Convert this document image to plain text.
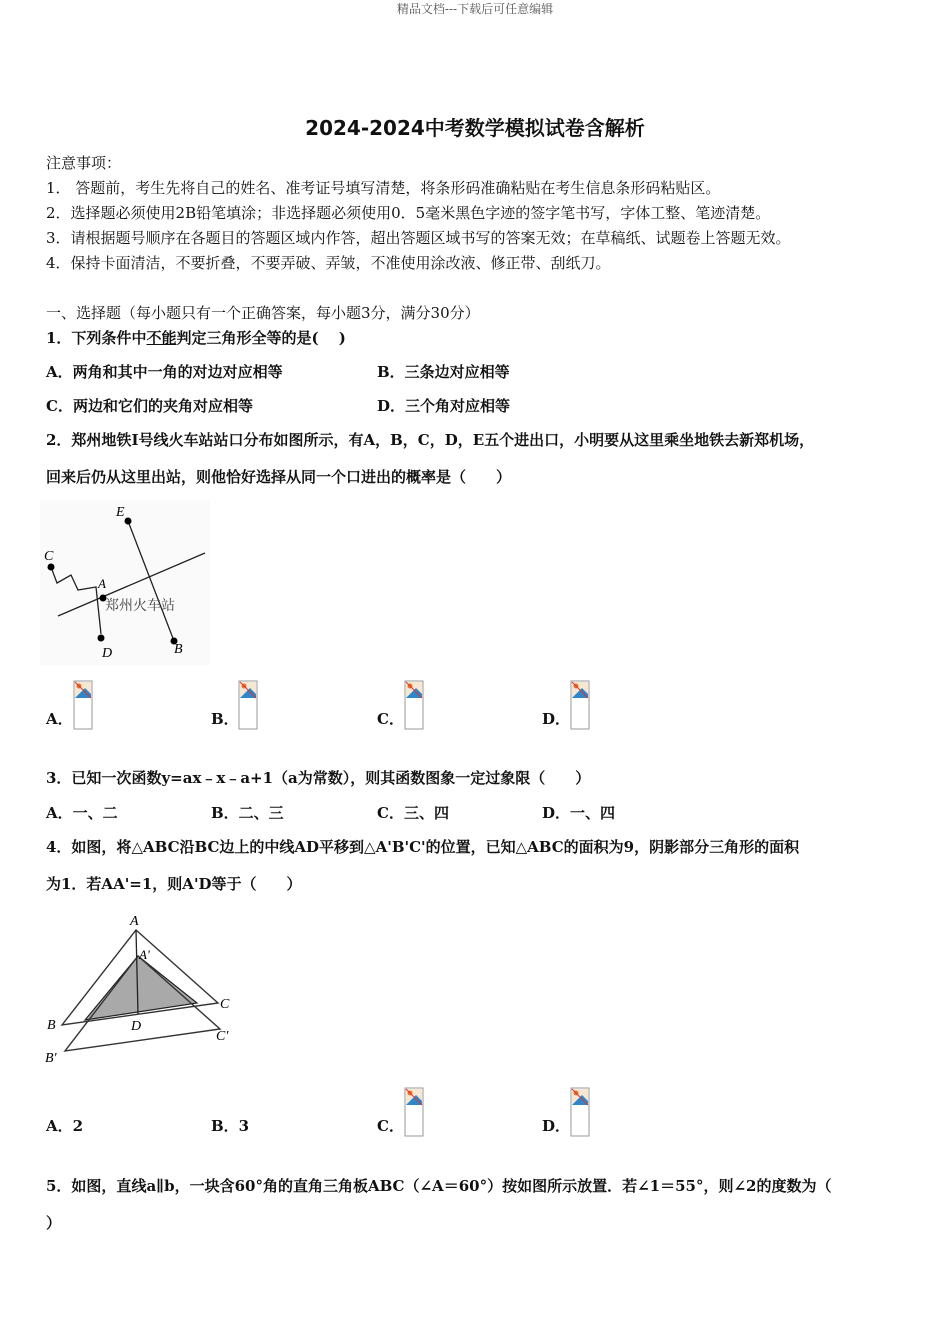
精品文档---下载后可任意编辑
2024-2024中考数学模拟试卷含解析
注意事项：
1． 答题前，考生先将自己的姓名、准考证号填写清楚，将条形码准确粘贴在考生信息条形码粘贴区。
2．选择题必须使用2B铅笔填涂；非选择题必须使用0．5毫米黑色字迹的签字笔书写，字体工整、笔迹清楚。
3．请根据题号顺序在各题目的答题区域内作答，超出答题区域书写的答案无效；在草稿纸、试题卷上答题无效。
4．保持卡面清洁，不要折叠，不要弄破、弄皱，不准使用涂改液、修正带、刮纸刀。
一、选择题（每小题只有一个正确答案，每小题3分，满分30分）
1．下列条件中不能判定三角形全等的是(　 )
A．两角和其中一角的对边对应相等	B．三条边对应相等
C．两边和它们的夹角对应相等	D．三个角对应相等
2．郑州地铁Ⅰ号线火车站站口分布如图所示，有A，B，C，D，E五个进出口，小明要从这里乘坐地铁去新郑机场，
回来后仍从这里出站，则他恰好选择从同一个口进出的概率是（　　）
E
C
A
D	B
郑州火车站
A．	B．	C．	D．
3．已知一次函数y=ax﹣x﹣a+1（a为常数），则其函数图象一定过象限（　　）
A．一、二	B．二、三	C．三、四	D．一、四
4．如图，将△ABC沿BC边上的中线AD平移到△A'B'C'的位置，已知△ABC的面积为9，阴影部分三角形的面积
为1．若AA'=1，则A'D等于（　　）
A
A'
B
C
D
B'
C'
A．2	B．3	C．	D．
5．如图，直线a∥b，一块含60°角的直角三角板ABC（∠A＝60°）按如图所示放置．若∠1＝55°，则∠2的度数为（
）
